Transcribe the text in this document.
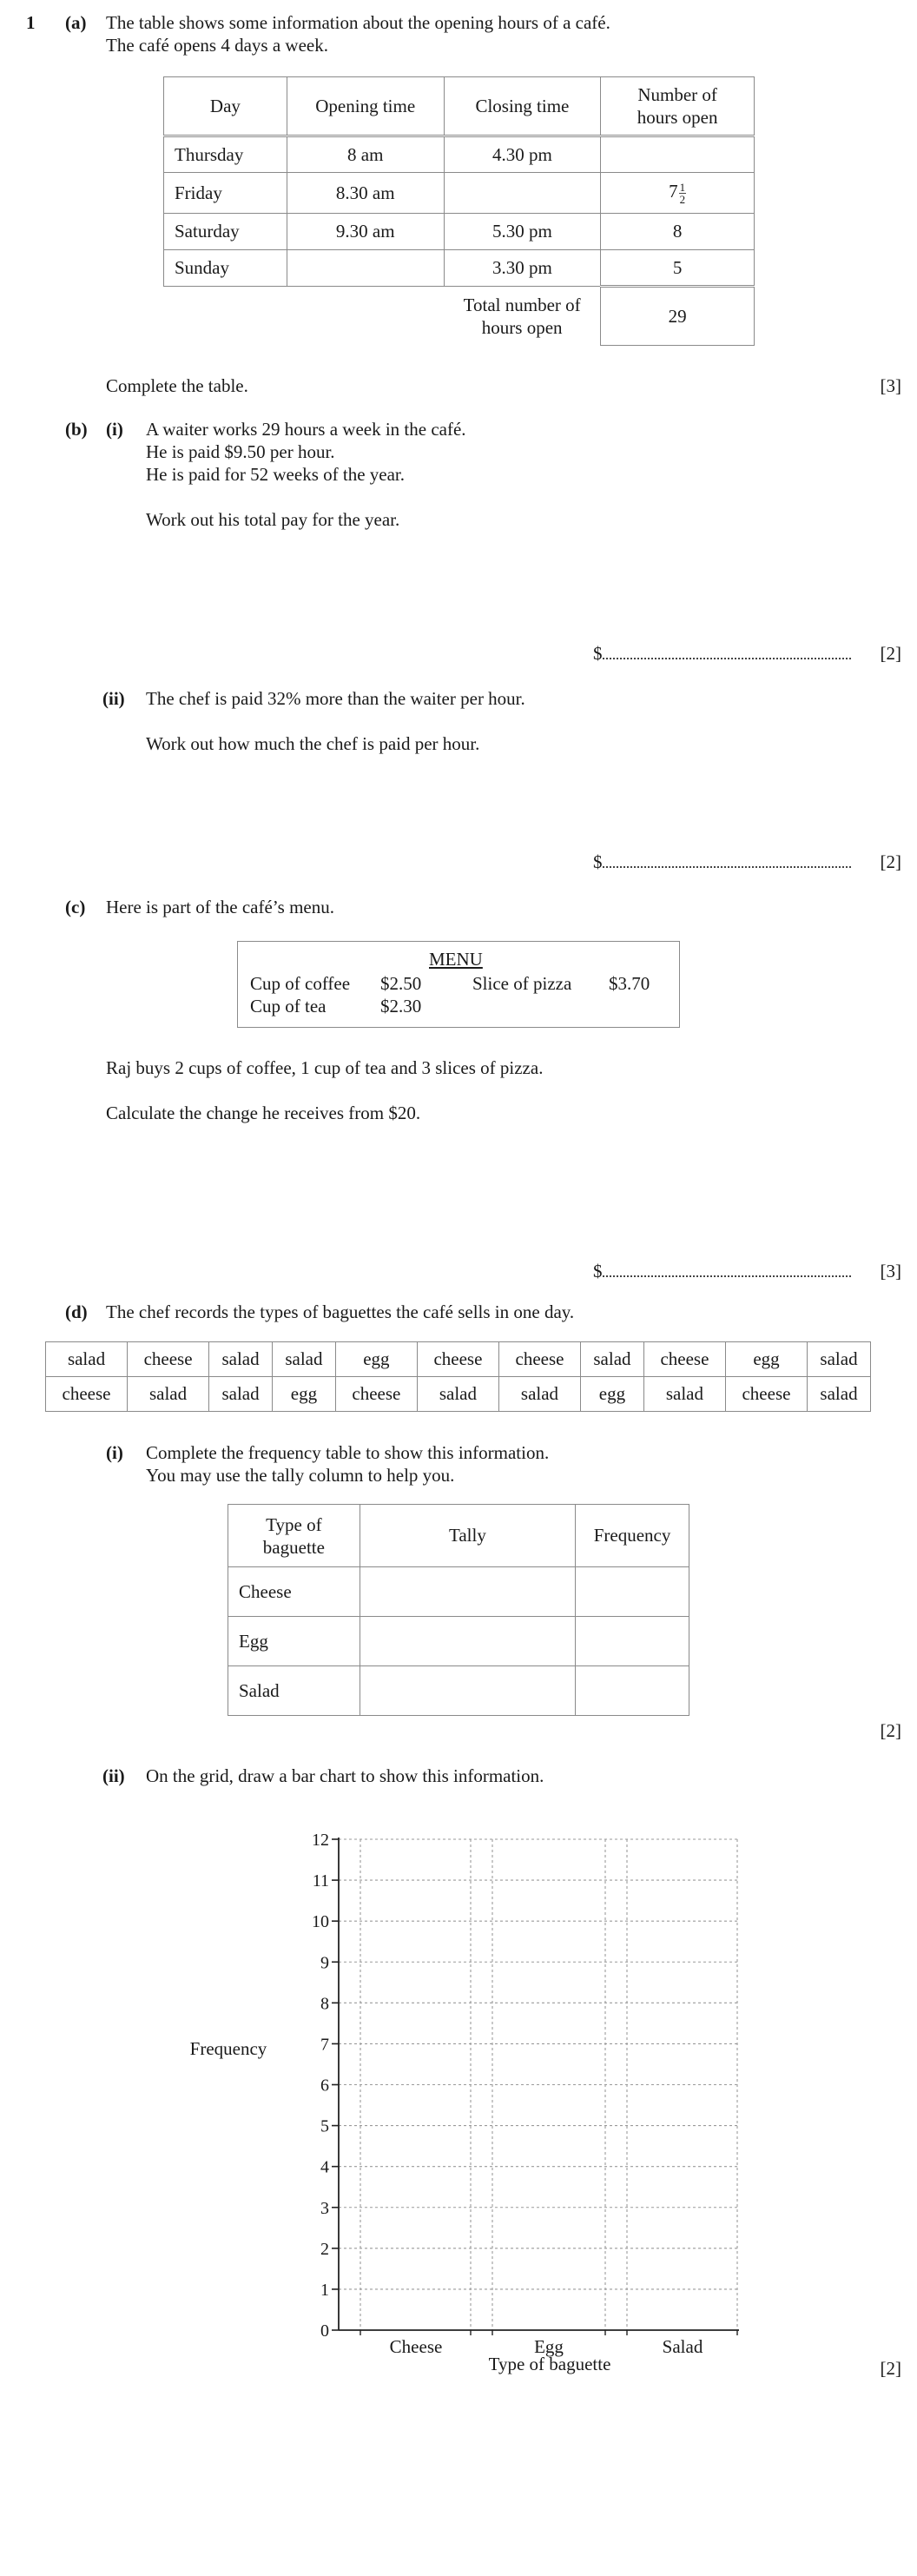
1 (a) The table shows some information about the opening hours of a café.
The café opens 4 days a week.
Day	Opening time	Closing time	Number of
hours open
Thursday	8 am	4.30 pm	
Friday	8.30 am		$7 \frac{1}{2}$

Saturday	9.30 am	5.30 pm	8
Sunday		3.30 pm	5
		Total number of
hours open	29
Complete the table.	[3]
(b) (i) A waiter works 29 hours a week in the café.
He is paid $9.50 per hour.
He is paid for 52 weeks of the year.
Work out his total pay for the year.
$	[2]
(ii) The chef is paid 32% more than the waiter per hour.
Work out how much the chef is paid per hour.
$	[2]
(c) Here is part of the café’s menu.
MENU
Cup of coffee $2.50	Slice of pizza $3.70
Cup of tea	$2.30
Raj buys 2 cups of coffee, 1 cup of tea and 3 slices of pizza.
Calculate the change he receives from $20.
$	[3]
(d) The chef records the types of baguettes the café sells in one day.
salad	cheese	salad	salad	egg	cheese	cheese	salad	cheese	egg	salad
cheese	salad	salad	egg	cheese	salad	salad	egg	salad	cheese	salad
(i) Complete the frequency table to show this information.
You may use the tally column to help you.
Type of
baguette	Tally	Frequency
Cheese		
Egg		
Salad		
[2]
(ii) On the grid, draw a bar chart to show this information.
0
1
2
3
4
5
6
7
8
9
10
11
12
Cheese	Egg	Salad
Frequency
Type of baguette	[2]
